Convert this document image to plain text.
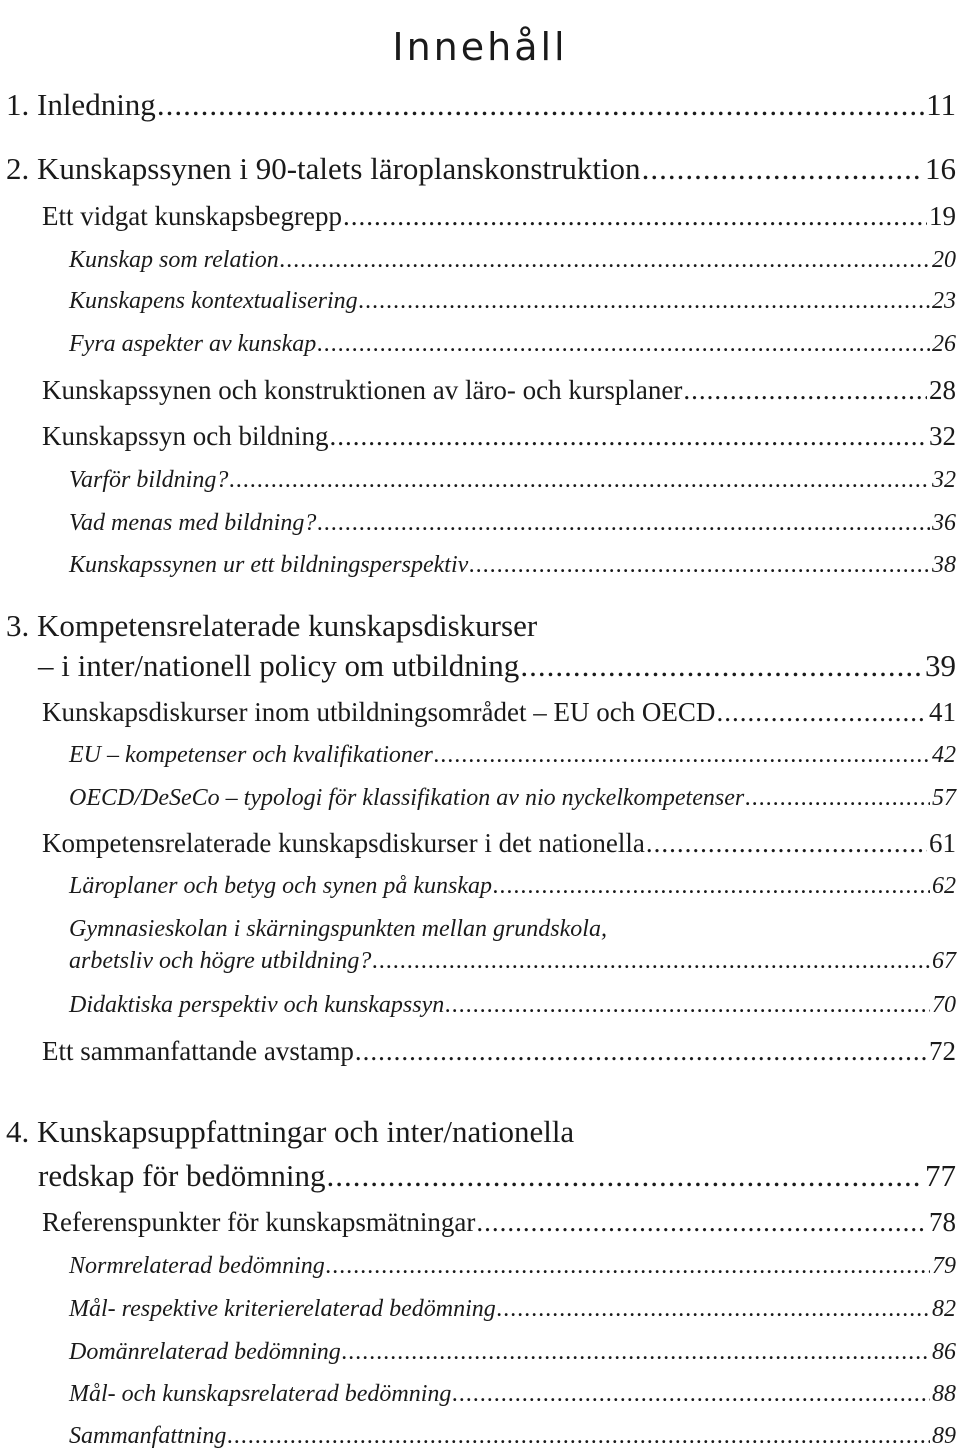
Innehåll
1. Inledning .....	11
2. Kunskapssynen i 90-talets läroplanskonstruktion .....	16
Ett vidgat kunskapsbegrepp .....	19
Kunskap som relation .....	20
Kunskapens kontextualisering .....	23
Fyra aspekter av kunskap .....	26
Kunskapssynen och konstruktionen av läro- och kursplaner .....	28
Kunskapssyn och bildning .....	32
Varför bildning? .....	32
Vad menas med bildning? .....	36
Kunskapssynen ur ett bildningsperspektiv .....	38
3. Kompetensrelaterade kunskapsdiskurser
– i inter/nationell policy om utbildning .....	39
Kunskapsdiskurser inom utbildningsområdet – EU och OECD .....	41
EU – kompetenser och kvalifikationer .....	42
OECD/DeSeCo – typologi för klassifikation av nio nyckelkompetenser .....	57
Kompetensrelaterade kunskapsdiskurser i det nationella .....	61
Läroplaner och betyg och synen på kunskap .....	62
Gymnasieskolan i skärningspunkten mellan grundskola,
arbetsliv och högre utbildning? .....	67
Didaktiska perspektiv och kunskapssyn .....	70
Ett sammanfattande avstamp .....	72
4. Kunskapsuppfattningar och inter/nationella
redskap för bedömning .....	77
Referenspunkter för kunskapsmätningar .....	78
Normrelaterad bedömning .....	79
Mål- respektive kriterierelaterad bedömning .....	82
Domänrelaterad bedömning .....	86
Mål- och kunskapsrelaterad bedömning .....	88
Sammanfattning .....	89
